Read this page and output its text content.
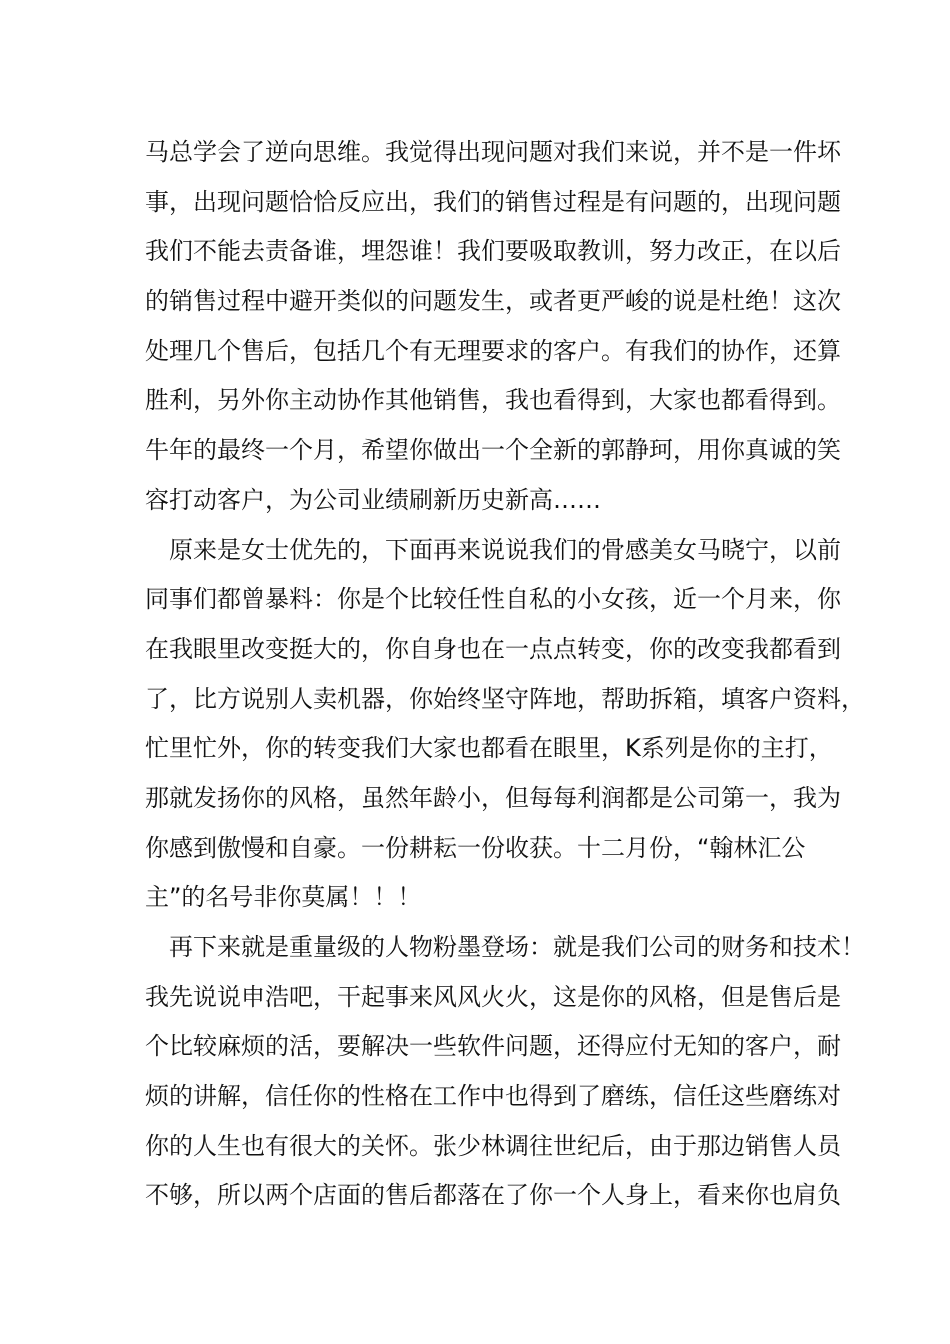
马总学会了逆向思维。我觉得出现问题对我们来说，并不是一件坏
事，出现问题恰恰反应出，我们的销售过程是有问题的，出现问题
我们不能去责备谁，埋怨谁！我们要吸取教训，努力改正，在以后
的销售过程中避开类似的问题发生，或者更严峻的说是杜绝！这次
处理几个售后，包括几个有无理要求的客户。有我们的协作，还算
胜利，另外你主动协作其他销售，我也看得到，大家也都看得到。
牛年的最终一个月，希望你做出一个全新的郭静珂，用你真诚的笑
容打动客户，为公司业绩刷新历史新高……
原来是女士优先的，下面再来说说我们的骨感美女马晓宁，以前
同事们都曾暴料：你是个比较任性自私的小女孩，近一个月来，你
在我眼里改变挺大的，你自身也在一点点转变，你的改变我都看到
了，比方说别人卖机器，你始终坚守阵地，帮助拆箱，填客户资料，
忙里忙外，你的转变我们大家也都看在眼里，K系列是你的主打，
那就发扬你的风格，虽然年龄小，但每每利润都是公司第一，我为
你感到傲慢和自豪。一份耕耘一份收获。十二月份，“翰林汇公
主”的名号非你莫属！！！
再下来就是重量级的人物粉墨登场：就是我们公司的财务和技术！
我先说说申浩吧，干起事来风风火火，这是你的风格，但是售后是
个比较麻烦的活，要解决一些软件问题，还得应付无知的客户，耐
烦的讲解，信任你的性格在工作中也得到了磨练，信任这些磨练对
你的人生也有很大的关怀。张少林调往世纪后，由于那边销售人员
不够，所以两个店面的售后都落在了你一个人身上，看来你也肩负
